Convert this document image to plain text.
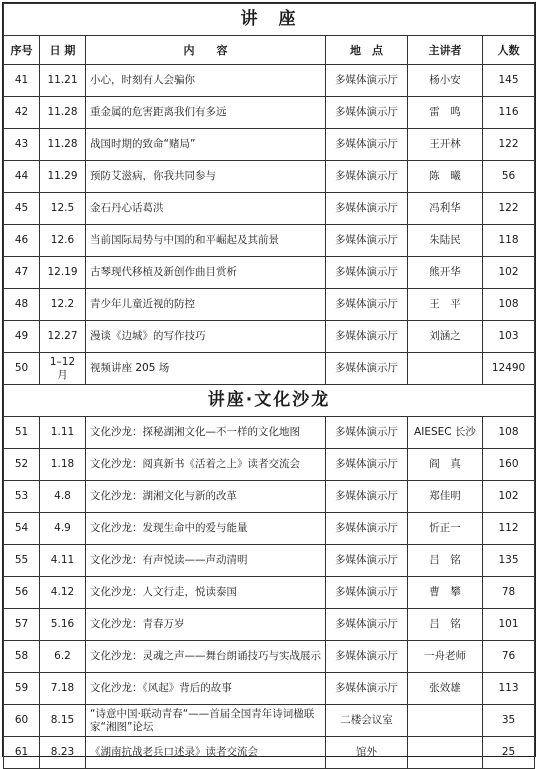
讲　座					
序号	日 期	内　　容	地　点	主讲者	人数
41	11.21	小心，时刻有人会骗你	多媒体演示厅	杨小安	145
42	11.28	重金属的危害距离我们有多远	多媒体演示厅	雷　鸣	116
43	11.28	战国时期的致命“赌局”	多媒体演示厅	王开林	122
44	11.29	预防艾滋病，你我共同参与	多媒体演示厅	陈　曦	56
45	12.5	金石丹心话葛洪	多媒体演示厅	冯利华	122
46	12.6	当前国际局势与中国的和平崛起及其前景	多媒体演示厅	朱陆民	118
47	12.19	古琴现代移植及新创作曲目赏析	多媒体演示厅	熊开华	102
48	12.2	青少年儿童近视的防控	多媒体演示厅	王　平	108
49	12.27	漫谈《边城》的写作技巧	多媒体演示厅	刘涵之	103
50	1–12 月	视频讲座 205 场	多媒体演示厅		12490
讲座·文化沙龙					
51	1.11	文化沙龙：探秘湖湘文化—不一样的文化地图	多媒体演示厅	AIESEC 长沙	108
52	1.18	文化沙龙：阅真新书《活着之上》读者交流会	多媒体演示厅	阎　真	160
53	4.8	文化沙龙：湖湘文化与新的改革	多媒体演示厅	郑佳明	102
54	4.9	文化沙龙：发现生命中的爱与能量	多媒体演示厅	忻正一	112
55	4.11	文化沙龙：有声悦读——声动清明	多媒体演示厅	吕　铭	135
56	4.12	文化沙龙：人文行走，悦读泰国	多媒体演示厅	曹　攀	78
57	5.16	文化沙龙：青春万岁	多媒体演示厅	吕　铭	101
58	6.2	文化沙龙：灵魂之声——舞台朗诵技巧与实战展示	多媒体演示厅	一舟老师	76
59	7.18	文化沙龙：《风起》背后的故事	多媒体演示厅	张效雄	113
60	8.15	“诗意中国·联动青春“——首届全国青年诗词楹联家“湘图”论坛	二楼会议室		35
61	8.23	《湖南抗战老兵口述录》读者交流会	馆外		25
